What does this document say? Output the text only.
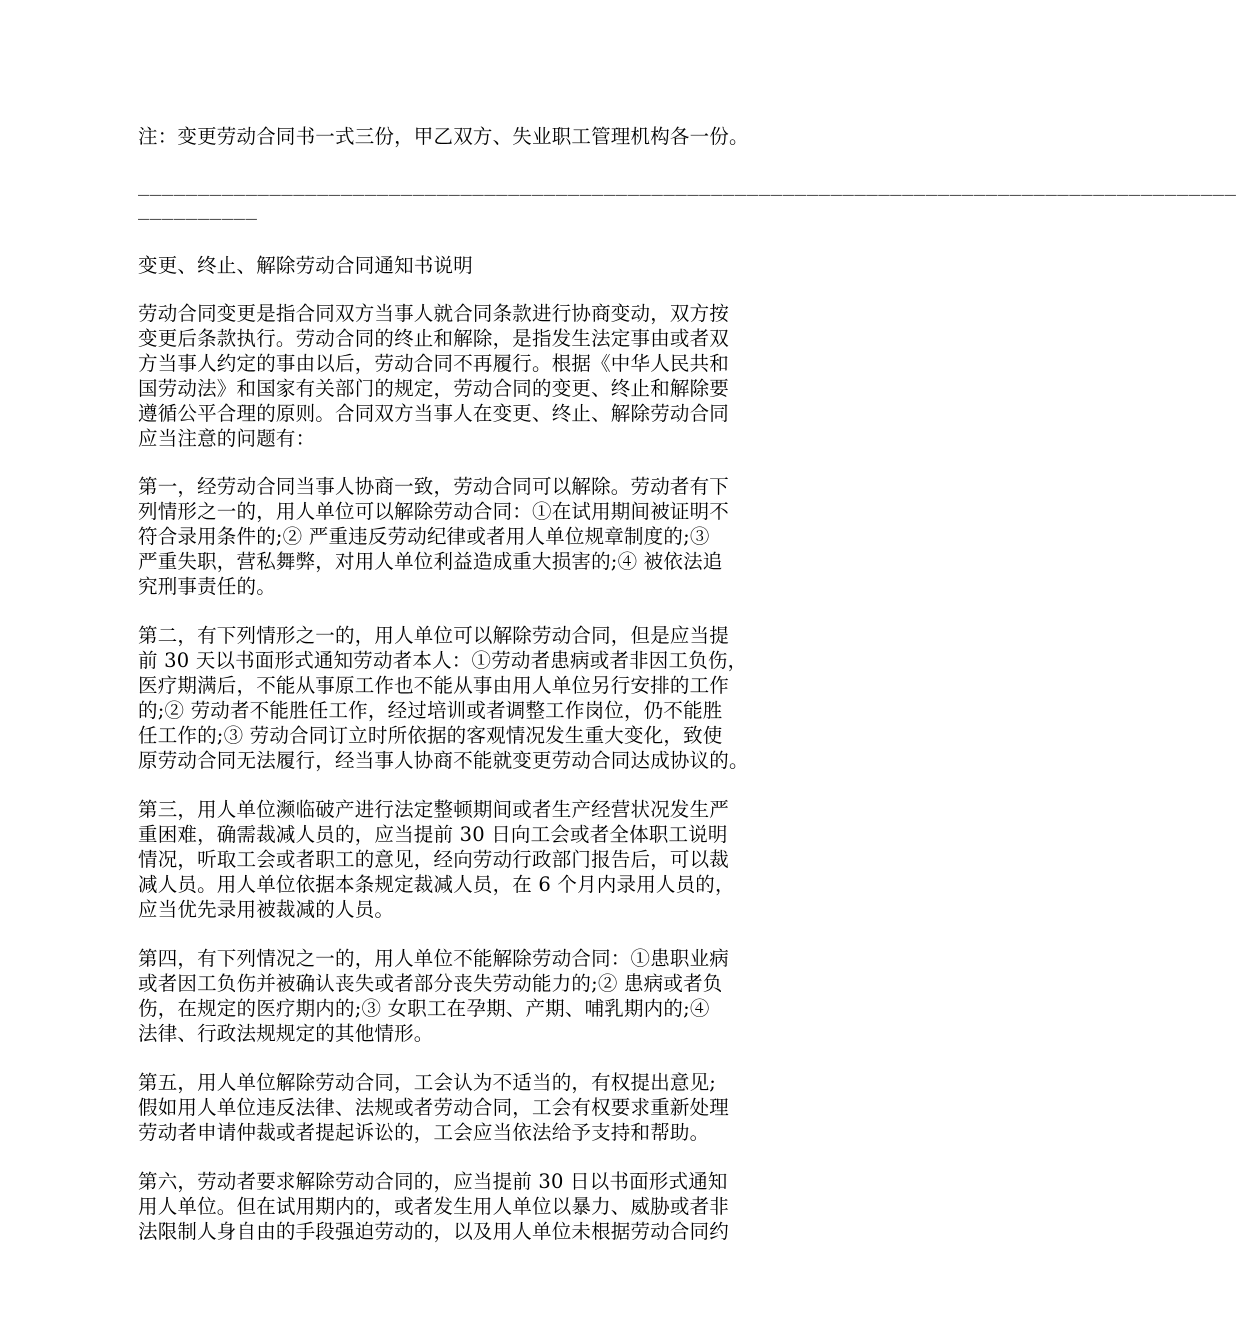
注：变更劳动合同书一式三份，甲乙双方、失业职工管理机构各一份。
____________________________________________________________________________________________
__________
变更、终止、解除劳动合同通知书说明
劳动合同变更是指合同双方当事人就合同条款进行协商变动，双方按
变更后条款执行。劳动合同的终止和解除，是指发生法定事由或者双
方当事人约定的事由以后，劳动合同不再履行。根据《中华人民共和
国劳动法》和国家有关部门的规定，劳动合同的变更、终止和解除要
遵循公平合理的原则。合同双方当事人在变更、终止、解除劳动合同
应当注意的问题有：
第一，经劳动合同当事人协商一致，劳动合同可以解除。劳动者有下
列情形之一的，用人单位可以解除劳动合同：①在试用期间被证明不
符合录用条件的;② 严重违反劳动纪律或者用人单位规章制度的;③
严重失职，营私舞弊，对用人单位利益造成重大损害的;④ 被依法追
究刑事责任的。
第二，有下列情形之一的，用人单位可以解除劳动合同，但是应当提
前 30 天以书面形式通知劳动者本人：①劳动者患病或者非因工负伤，
医疗期满后，不能从事原工作也不能从事由用人单位另行安排的工作
的;② 劳动者不能胜任工作，经过培训或者调整工作岗位，仍不能胜
任工作的;③ 劳动合同订立时所依据的客观情况发生重大变化，致使
原劳动合同无法履行，经当事人协商不能就变更劳动合同达成协议的。
第三，用人单位濒临破产进行法定整顿期间或者生产经营状况发生严
重困难，确需裁减人员的，应当提前 30 日向工会或者全体职工说明
情况，听取工会或者职工的意见，经向劳动行政部门报告后，可以裁
减人员。用人单位依据本条规定裁减人员，在 6 个月内录用人员的，
应当优先录用被裁减的人员。
第四，有下列情况之一的，用人单位不能解除劳动合同：①患职业病
或者因工负伤并被确认丧失或者部分丧失劳动能力的;② 患病或者负
伤，在规定的医疗期内的;③ 女职工在孕期、产期、哺乳期内的;④
法律、行政法规规定的其他情形。
第五，用人单位解除劳动合同，工会认为不适当的，有权提出意见;
假如用人单位违反法律、法规或者劳动合同，工会有权要求重新处理
劳动者申请仲裁或者提起诉讼的，工会应当依法给予支持和帮助。
第六，劳动者要求解除劳动合同的，应当提前 30 日以书面形式通知
用人单位。但在试用期内的，或者发生用人单位以暴力、威胁或者非
法限制人身自由的手段强迫劳动的，以及用人单位未根据劳动合同约
